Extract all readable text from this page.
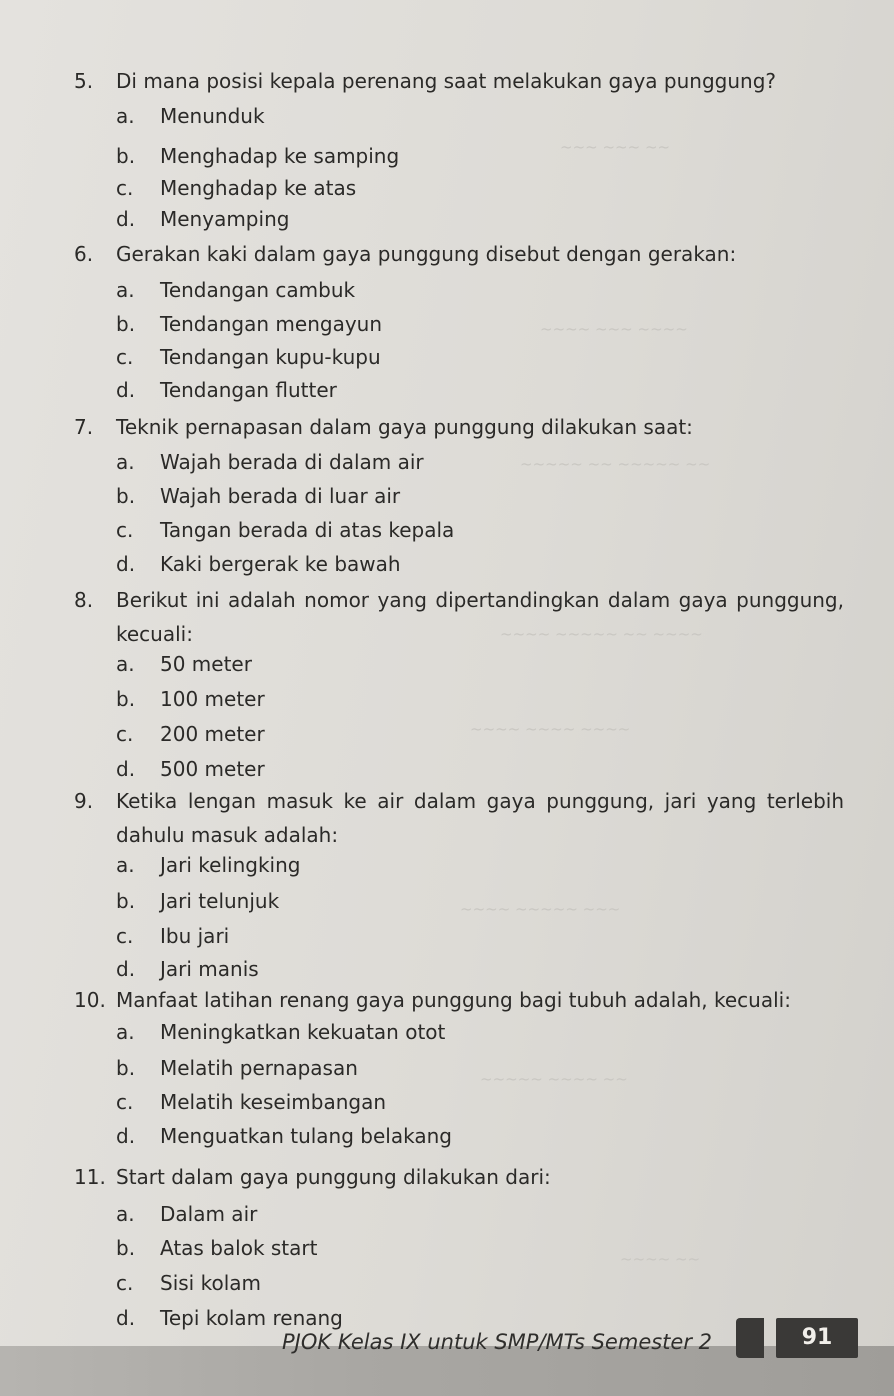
~~~ ~~~ ~~
~~~~ ~~~ ~~~~
~~~~~ ~~ ~~~~~ ~~
~~~~ ~~~~~ ~~ ~~~~
~~~~ ~~~~ ~~~~
~~~~ ~~~~~ ~~~
~~~~~ ~~~~ ~~
~~~~ ~~
5.	Di mana posisi kepala perenang saat melakukan gaya punggung?
a. Menunduk
b. Menghadap ke samping
c. Menghadap ke atas
d. Menyamping
6.	Gerakan kaki dalam gaya punggung disebut dengan gerakan:
a. Tendangan cambuk
b. Tendangan mengayun
c. Tendangan kupu-kupu
d. Tendangan flutter
7.	Teknik pernapasan dalam gaya punggung dilakukan saat:
a. Wajah berada di dalam air
b. Wajah berada di luar air
c. Tangan berada di atas kepala
d. Kaki bergerak ke bawah
8.	Berikut ini adalah nomor yang dipertandingkan dalam gaya punggung, kecuali:
a. 50 meter
b. 100 meter
c. 200 meter
d. 500 meter
9.	Ketika lengan masuk ke air dalam gaya punggung, jari yang terlebih dahulu masuk adalah:
a. Jari kelingking
b. Jari telunjuk
c. Ibu jari
d. Jari manis
10. Manfaat latihan renang gaya punggung bagi tubuh adalah, kecuali:
a. Meningkatkan kekuatan otot
b. Melatih pernapasan
c. Melatih keseimbangan
d. Menguatkan tulang belakang
11. Start dalam gaya punggung dilakukan dari:
a. Dalam air
b. Atas balok start
c. Sisi kolam
d. Tepi kolam renang
PJOK Kelas IX untuk SMP/MTs Semester 2	91
